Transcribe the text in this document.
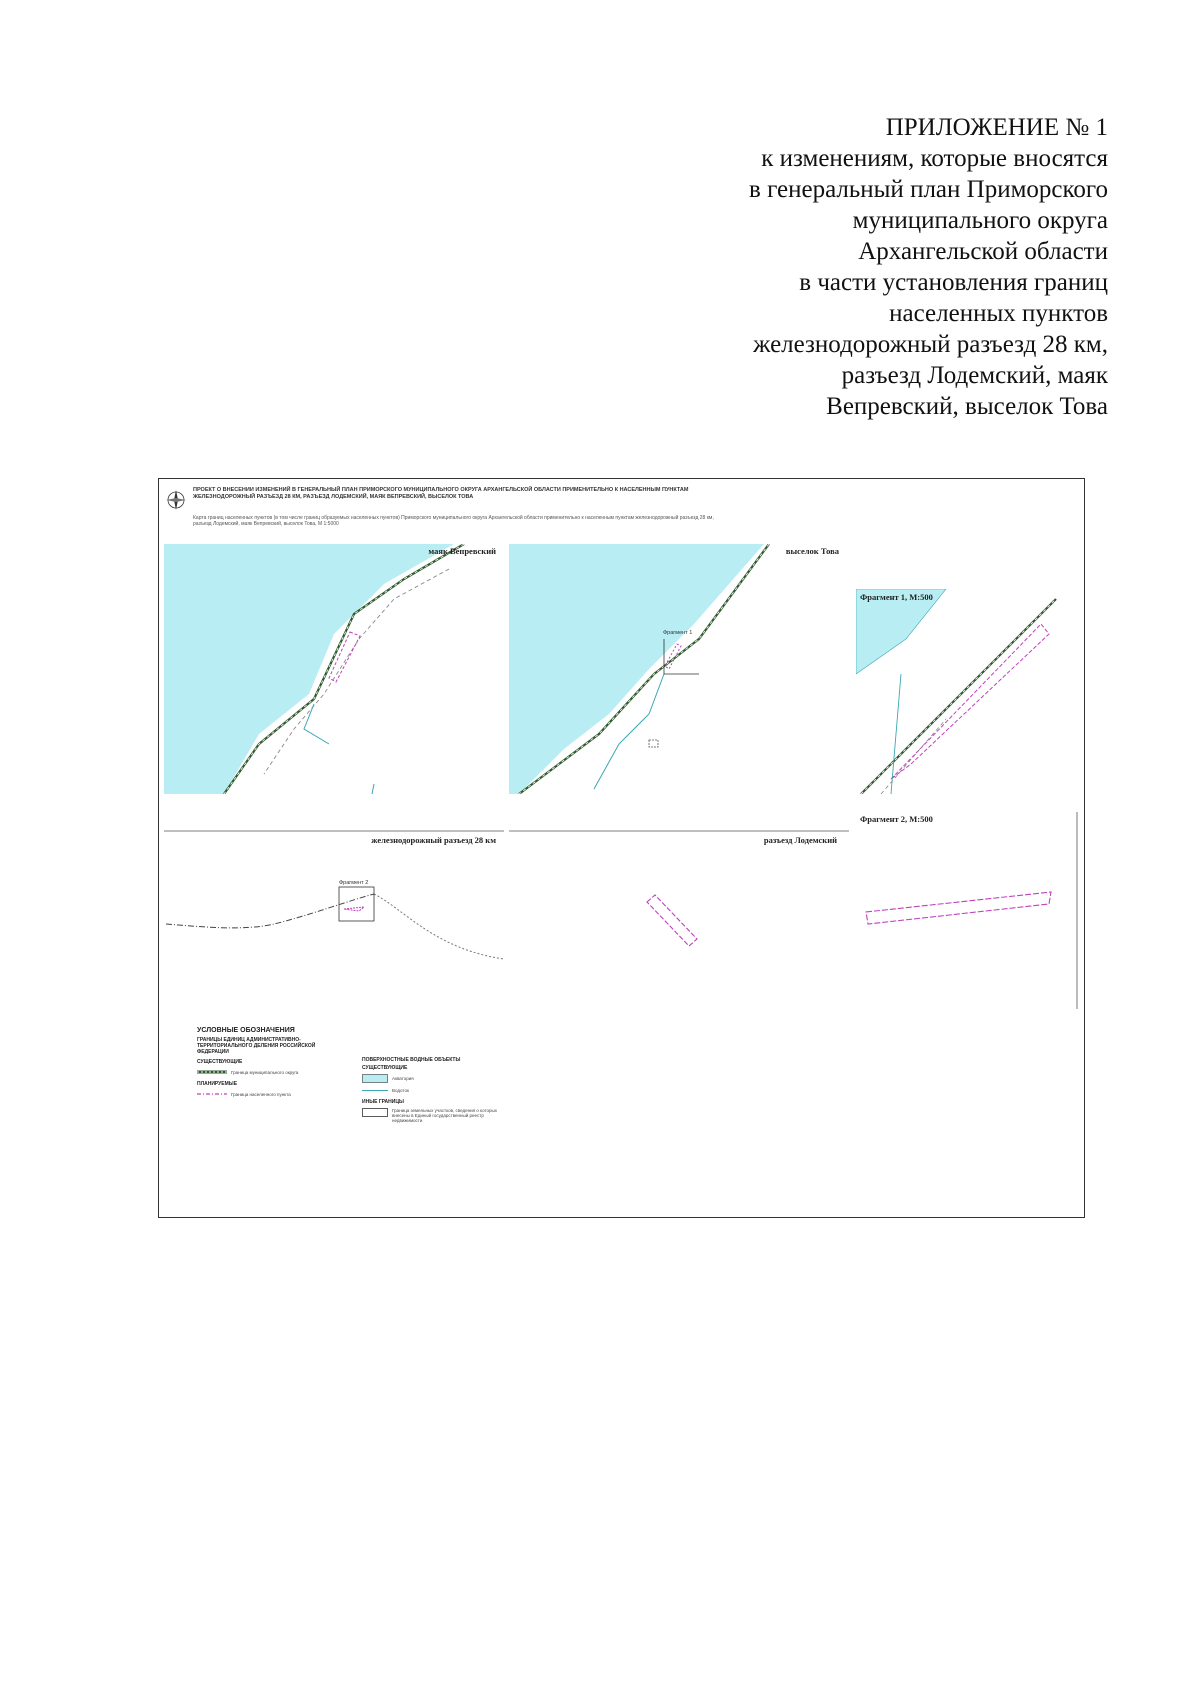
ПРИЛОЖЕНИЕ № 1
к изменениям, которые вносятся
в генеральный план Приморского
муниципального округа
Архангельской области
в части установления границ
населенных пунктов
железнодорожный разъезд 28 км,
разъезд Лодемский, маяк
Вепревский, выселок Това
ПРОЕКТ О ВНЕСЕНИИ ИЗМЕНЕНИЙ В ГЕНЕРАЛЬНЫЙ ПЛАН ПРИМОРСКОГО МУНИЦИПАЛЬНОГО ОКРУГА АРХАНГЕЛЬСКОЙ ОБЛАСТИ ПРИМЕНИТЕЛЬНО К НАСЕЛЕННЫМ ПУНКТАМ ЖЕЛЕЗНОДОРОЖНЫЙ РАЗЪЕЗД 28 КМ, РАЗЪЕЗД ЛОДЕМСКИЙ, МАЯК ВЕПРЕВСКИЙ, ВЫСЕЛОК ТОВА
Карта границ населенных пунктов (в том числе границ образуемых населенных пунктов) Приморского муниципального округа Архангельской области применительно к населенным пунктам железнодорожный разъезд 28 км, разъезд Лодемский, маяк Вепревский, выселок Това, М 1:5000
маяк Вепревский	выселок Това
Фрагмент 1
Фрагмент 1, М:500
железнодорожный разъезд 28 км
Фрагмент 2
разъезд Лодемский
Фрагмент 2, М:500
УСЛОВНЫЕ ОБОЗНАЧЕНИЯ
ГРАНИЦЫ ЕДИНИЦ АДМИНИСТРАТИВНО-ТЕРРИТОРИАЛЬНОГО ДЕЛЕНИЯ РОССИЙСКОЙ ФЕДЕРАЦИИ
СУЩЕСТВУЮЩИЕ
Граница муниципального округа
ПЛАНИРУЕМЫЕ
Граница населенного пункта
ПОВЕРХНОСТНЫЕ ВОДНЫЕ ОБЪЕКТЫ
СУЩЕСТВУЮЩИЕ
Акватория
Водоток
ИНЫЕ ГРАНИЦЫ
Граница земельных участков, сведения о которых внесены в Единый государственный реестр недвижимости
